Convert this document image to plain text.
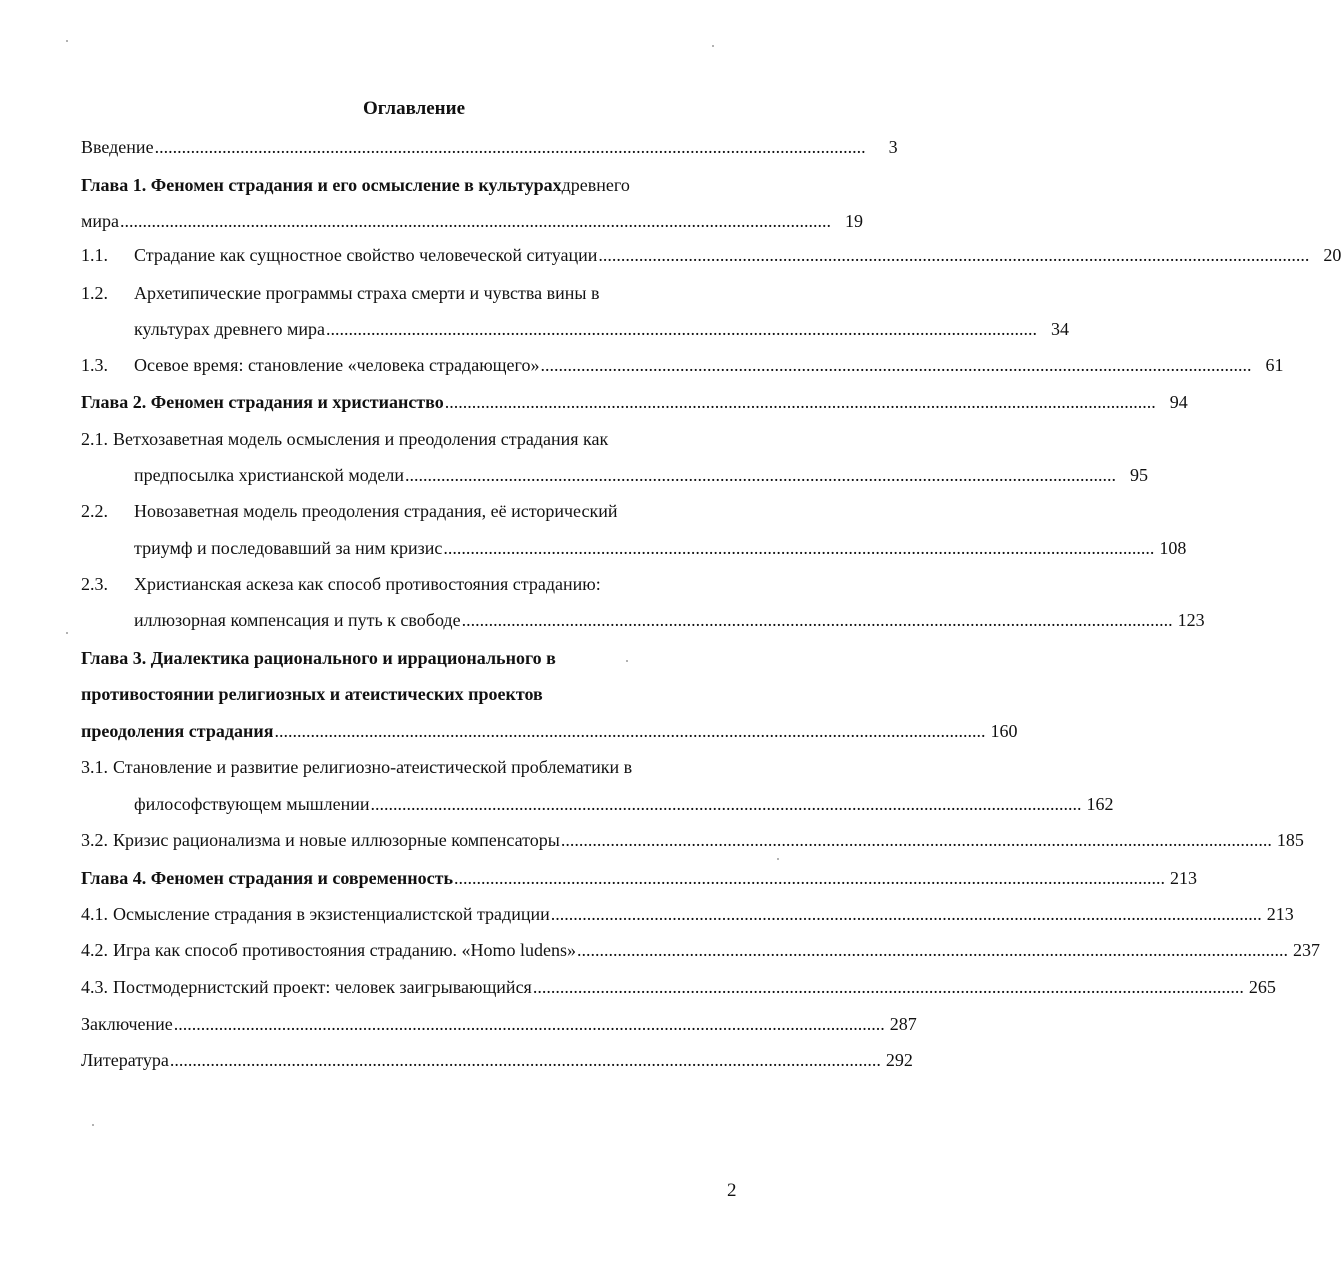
Оглавление
Введение ..............................................................................................................................................................	3
Глава 1. Феномен страдания и его осмысление в культурах древнего
мира .............................................................................................................................................................. 19
1.1.	Страдание как сущностное свойство человеческой ситуации .............................................................................................................................................................. 20
1.2.	Архетипические программы страха смерти и чувства вины в
культурах древнего мира .............................................................................................................................................................. 34
1.3.	Осевое время: становление «человека страдающего» .............................................................................................................................................................. 61
Глава 2. Феномен страдания и христианство .............................................................................................................................................................. 94
2.1. Ветхозаветная модель осмысления и преодоления страдания как
предпосылка христианской модели .............................................................................................................................................................. 95
2.2.	Новозаветная модель преодоления страдания, её исторический
триумф и последовавший за ним кризис .............................................................................................................................................................. 108
2.3.	Христианская аскеза как способ противостояния страданию:
иллюзорная компенсация и путь к свободе .............................................................................................................................................................. 123
Глава 3. Диалектика рационального и иррационального в
противостоянии религиозных и атеистических проектов
преодоления страдания .............................................................................................................................................................. 160
3.1. Становление и развитие религиозно-атеистической проблематики в
философствующем мышлении .............................................................................................................................................................. 162
3.2. Кризис рационализма и новые иллюзорные компенсаторы .............................................................................................................................................................. 185
Глава 4. Феномен страдания и современность .............................................................................................................................................................. 213
4.1. Осмысление страдания в экзистенциалистской традиции .............................................................................................................................................................. 213
4.2. Игра как способ противостояния страданию. «Homo ludens» .............................................................................................................................................................. 237
4.3. Постмодернистский проект: человек заигрывающийся .............................................................................................................................................................. 265
Заключение .............................................................................................................................................................. 287
Литература .............................................................................................................................................................. 292
2
